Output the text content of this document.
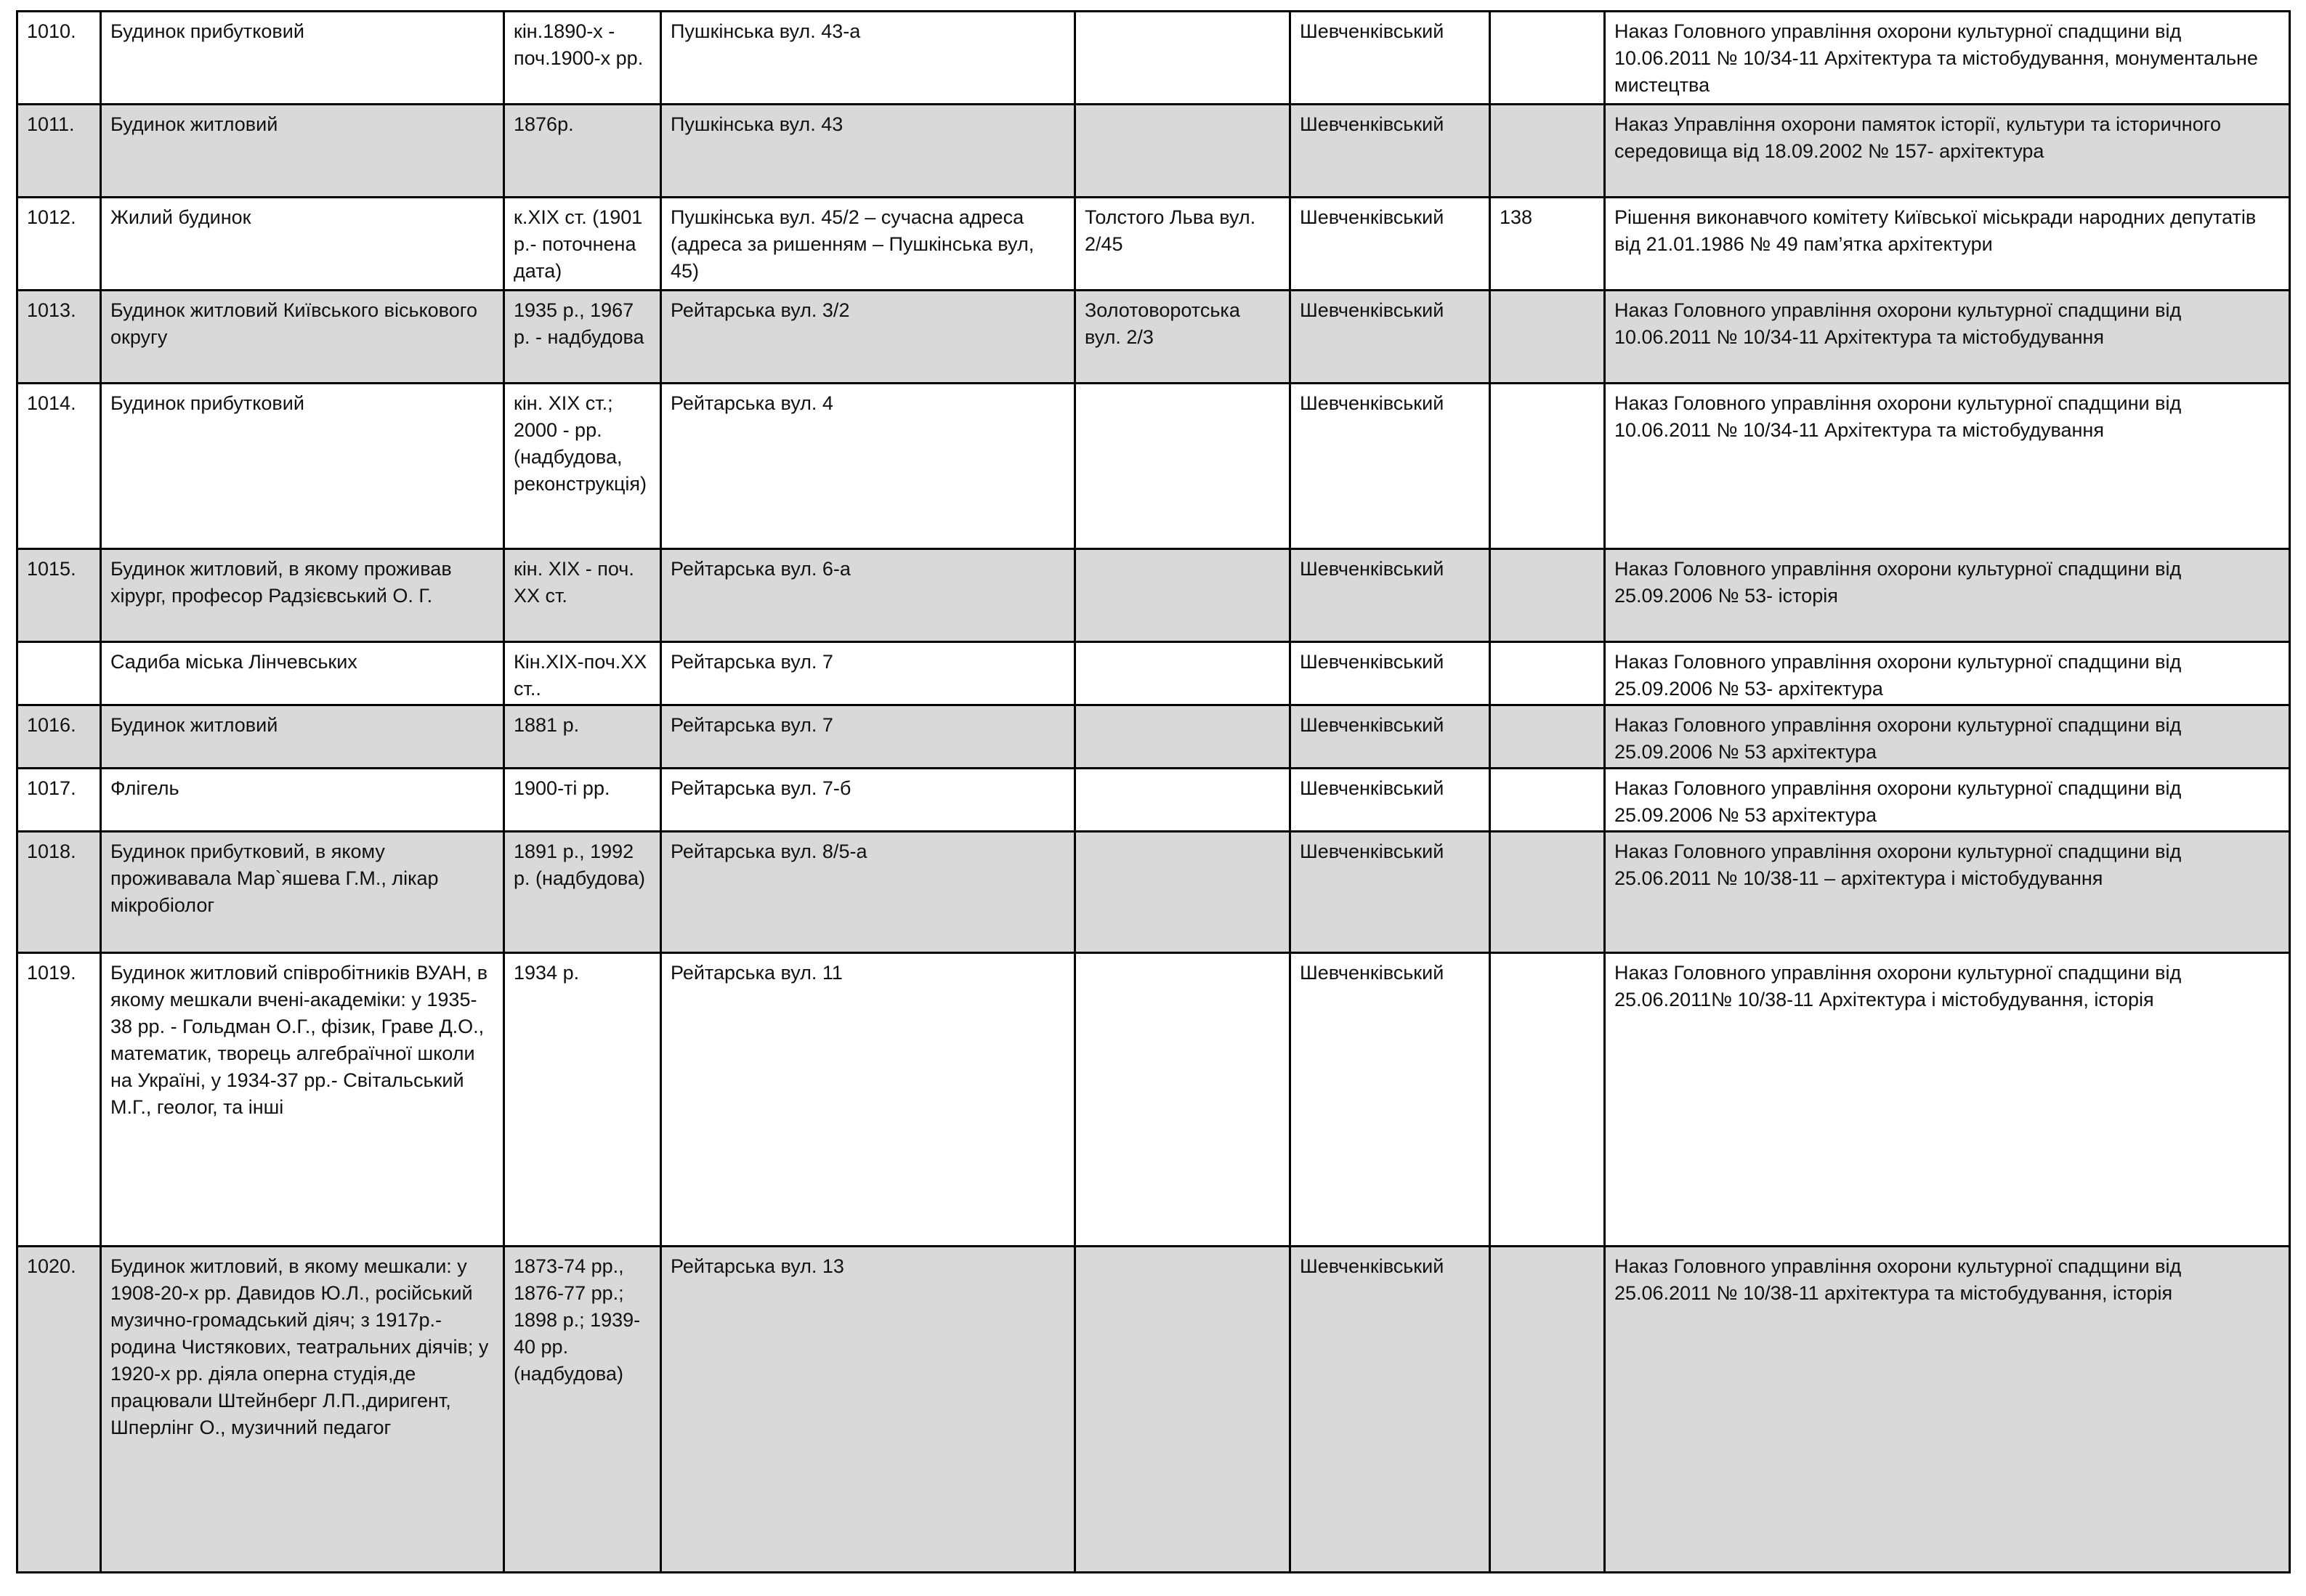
1010.	Будинок прибутковий	кін.1890-х - поч.1900-х рр.	Пушкінська вул. 43-а		Шевченківський		Наказ Головного управління охорони культурної спадщини від 10.06.2011 № 10/34-11 Архітектура та містобудування, монументальне мистецтва
1011.	Будинок житловий	1876р.	Пушкінська вул. 43		Шевченківський		Наказ Управління охорони памяток історії, культури та історичного середовища від 18.09.2002 № 157- архітектура
1012.	Жилий будинок	к.ХІХ ст. (1901 р.- поточнена дата)	Пушкінська вул. 45/2 – сучасна адреса (адреса за ришенням – Пушкінська вул, 45)	Толстого Льва вул. 2/45	Шевченківський	138	Рішення виконавчого комітету Київської міськради народних депутатів від 21.01.1986 № 49 пам’ятка архітектури
1013.	Будинок житловий Київського віськового округу	1935 р., 1967 р. - надбудова	Рейтарська вул. 3/2	Золотоворотська вул. 2/3	Шевченківський		Наказ Головного управління охорони культурної спадщини від 10.06.2011 № 10/34-11 Архітектура та містобудування
1014.	Будинок прибутковий	кін. ХІХ ст.; 2000 - рр.(надбудова, реконструкція)	Рейтарська вул. 4		Шевченківський		Наказ Головного управління охорони культурної спадщини від 10.06.2011 № 10/34-11 Архітектура та містобудування
1015.	Будинок житловий, в якому проживав хірург, професор Радзієвський О. Г.	кін. ХІХ - поч. ХХ ст.	Рейтарська вул. 6-а		Шевченківський		Наказ Головного управління охорони культурної спадщини від 25.09.2006 № 53- історія
	Садиба міська Лінчевських	Кін.ХІХ-поч.ХХ ст..	Рейтарська вул. 7		Шевченківський		Наказ Головного управління охорони культурної спадщини від 25.09.2006 № 53- архітектура
1016.	Будинок житловий	1881 р.	Рейтарська вул. 7		Шевченківський		Наказ Головного управління охорони культурної спадщини від 25.09.2006 № 53 архітектура
1017.	Флігель	1900-ті рр.	Рейтарська вул. 7-б		Шевченківський		Наказ Головного управління охорони культурної спадщини від 25.09.2006 № 53 архітектура
1018.	Будинок прибутковий, в якому проживавала Мар`яшева Г.М., лікар мікробіолог	1891 р., 1992 р. (надбудова)	Рейтарська вул. 8/5-а		Шевченківський		Наказ Головного управління охорони культурної спадщини від 25.06.2011 № 10/38-11 – архітектура і містобудування
1019.	Будинок житловий співробітників ВУАН, в якому мешкали вчені-академіки: у 1935-38 рр. - Гольдман О.Г., фізик, Граве Д.О., математик, творець алгебраїчної школи на Україні, у 1934-37 рр.- Світальський М.Г., геолог, та інші	1934 р.	Рейтарська вул. 11		Шевченківський		Наказ Головного управління охорони культурної спадщини від 25.06.2011№ 10/38-11 Архітектура і містобудування, історія
1020.	Будинок житловий, в якому мешкали: у 1908-20-х рр. Давидов Ю.Л., російський музично-громадський діяч; з 1917р.- родина Чистякових, театральних діячів; у 1920-х рр. діяла оперна студія,де працювали Штейнберг Л.П.,диригент, Шперлінг О., музичний педагог	1873-74 рр., 1876-77 рр.; 1898 р.; 1939-40 рр. (надбудова)	Рейтарська вул. 13		Шевченківський		Наказ Головного управління охорони культурної спадщини від 25.06.2011 № 10/38-11 архітектура та містобудування, історія
